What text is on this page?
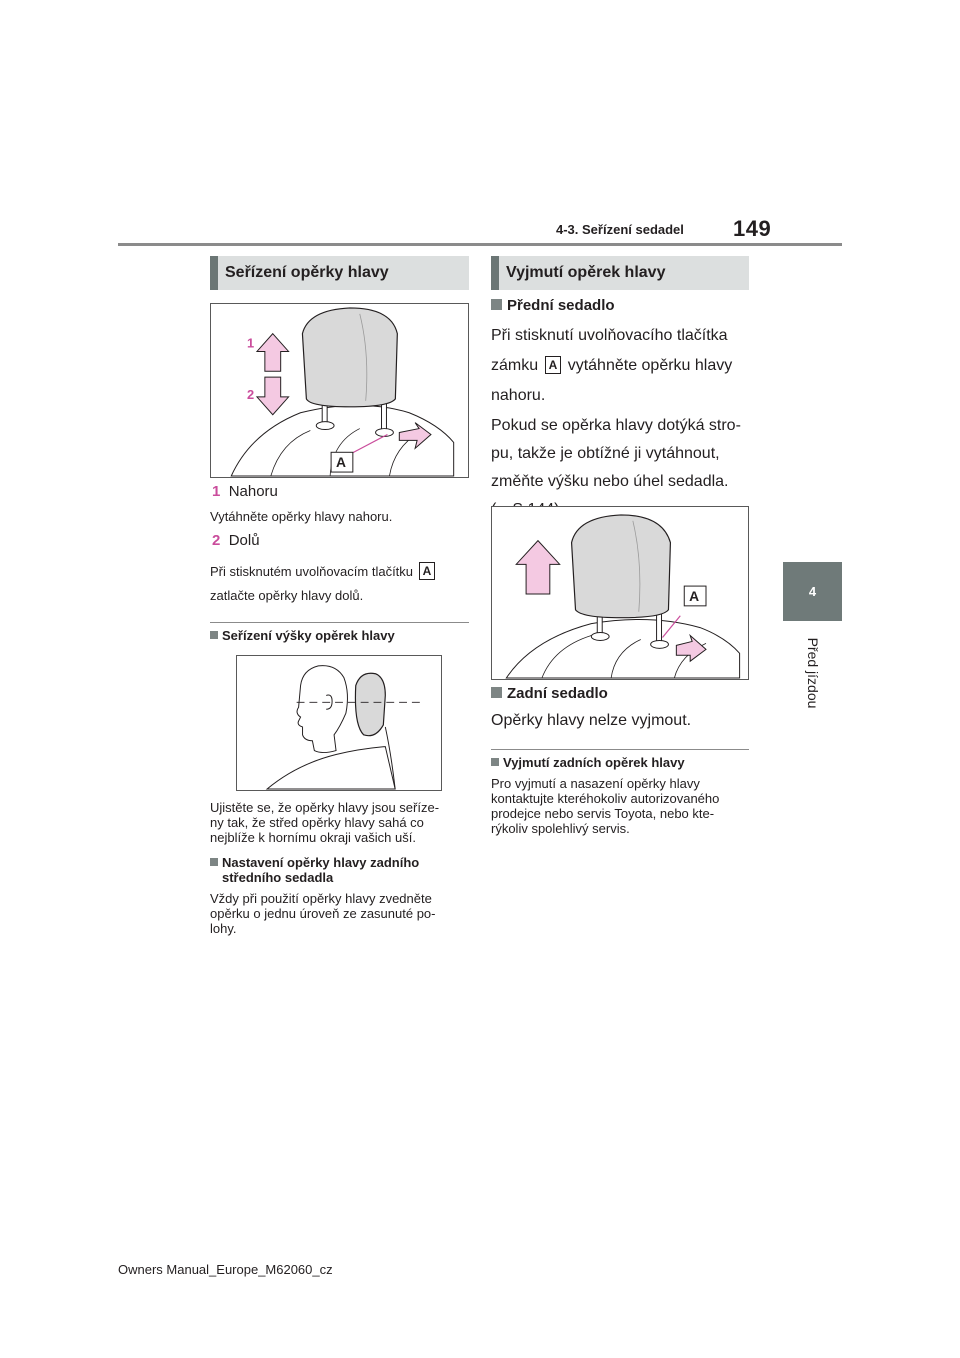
4-3. Seřízení sedadel 149
4
Před jízdou
Seřízení opěrky hlavy
1
2
A
1 Nahoru
Vytáhněte opěrky hlavy nahoru.
2 Dolů
Při stisknutém uvolňovacím tlačítku A
zatlačte opěrky hlavy dolů.
Seřízení výšky opěrek hlavy
Ujistěte se, že opěrky hlavy jsou seříze-
ny tak, že střed opěrky hlavy sahá co
nejblíže k hornímu okraji vašich uší.
Nastavení opěrky hlavy zadního
středního sedadla
Vždy při použití opěrky hlavy zvedněte
opěrku o jednu úroveň ze zasunuté po-
lohy.
Vyjmutí opěrek hlavy
Přední sedadlo
Při stisknutí uvolňovacího tlačítka
zámku A vytáhněte opěrku hlavy
nahoru.
Pokud se opěrka hlavy dotýká stro-
pu, takže je obtížné ji vytáhnout,
změňte výšku nebo úhel sedadla.
A
Zadní sedadlo
Opěrky hlavy nelze vyjmout.
Vyjmutí zadních opěrek hlavy
Pro vyjmutí a nasazení opěrky hlavy
kontaktujte kteréhokoliv autorizovaného
prodejce nebo servis Toyota, nebo kte-
rýkoliv spolehlivý servis.
Owners Manual_Europe_M62060_cz
